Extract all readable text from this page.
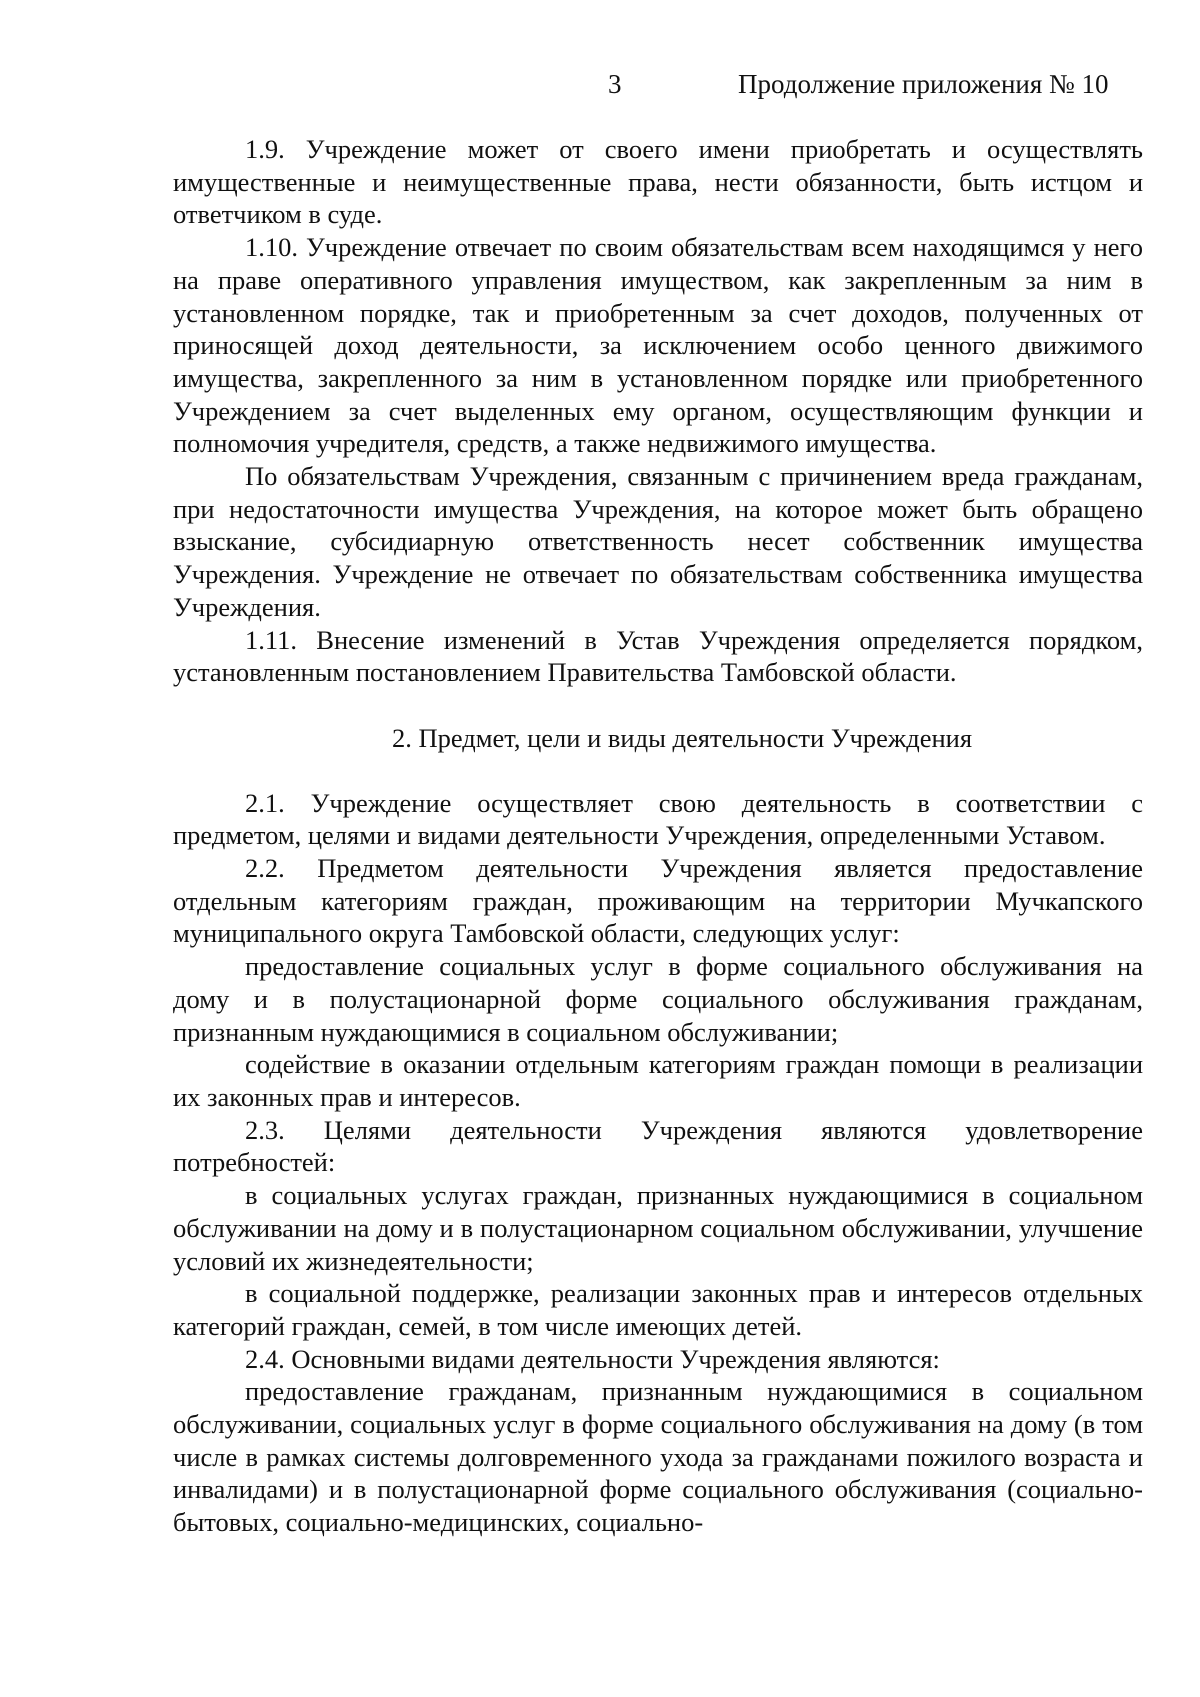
3	Продолжение приложения № 10

1.9. Учреждение может от своего имени приобретать и осуществлять имущественные и неимущественные права, нести обязанности, быть истцом и ответчиком в суде.

1.10. Учреждение отвечает по своим обязательствам всем находящимся у него на праве оперативного управления имуществом, как закрепленным за ним в установленном порядке, так и приобретенным за счет доходов, полученных от приносящей доход деятельности, за исключением особо ценного движимого имущества, закрепленного за ним в установленном порядке или приобретенного Учреждением за счет выделенных ему органом, осуществляющим функции и полномочия учредителя, средств, а также недвижимого имущества.

По обязательствам Учреждения, связанным с причинением вреда гражданам, при недостаточности имущества Учреждения, на которое может быть обращено взыскание, субсидиарную ответственность несет собственник имущества Учреждения. Учреждение не отвечает по обязательствам собственника имущества Учреждения.

1.11. Внесение изменений в Устав Учреждения определяется порядком, установленным постановлением Правительства Тамбовской области.

2. Предмет, цели и виды деятельности Учреждения

2.1. Учреждение осуществляет свою деятельность в соответствии с предметом, целями и видами деятельности Учреждения, определенными Уставом.

2.2. Предметом деятельности Учреждения является предоставление отдельным категориям граждан, проживающим на территории Мучкапского муниципального округа Тамбовской области, следующих услуг:

предоставление социальных услуг в форме социального обслуживания на дому и в полустационарной форме социального обслуживания гражданам, признанным нуждающимися в социальном обслуживании;

содействие в оказании отдельным категориям граждан помощи в реализации их законных прав и интересов.

2.3. Целями деятельности Учреждения являются удовлетворение потребностей:

в социальных услугах граждан, признанных нуждающимися в социальном обслуживании на дому и в полустационарном социальном обслуживании, улучшение условий их жизнедеятельности;

в социальной поддержке, реализации законных прав и интересов отдельных категорий граждан, семей, в том числе имеющих детей.

2.4. Основными видами деятельности Учреждения являются:

предоставление гражданам, признанным нуждающимися в социальном обслуживании, социальных услуг в форме социального обслуживания на дому (в том числе в рамках системы долговременного ухода за гражданами пожилого возраста и инвалидами) и в полустационарной форме социального обслуживания (социально-бытовых, социально-медицинских, социально-
